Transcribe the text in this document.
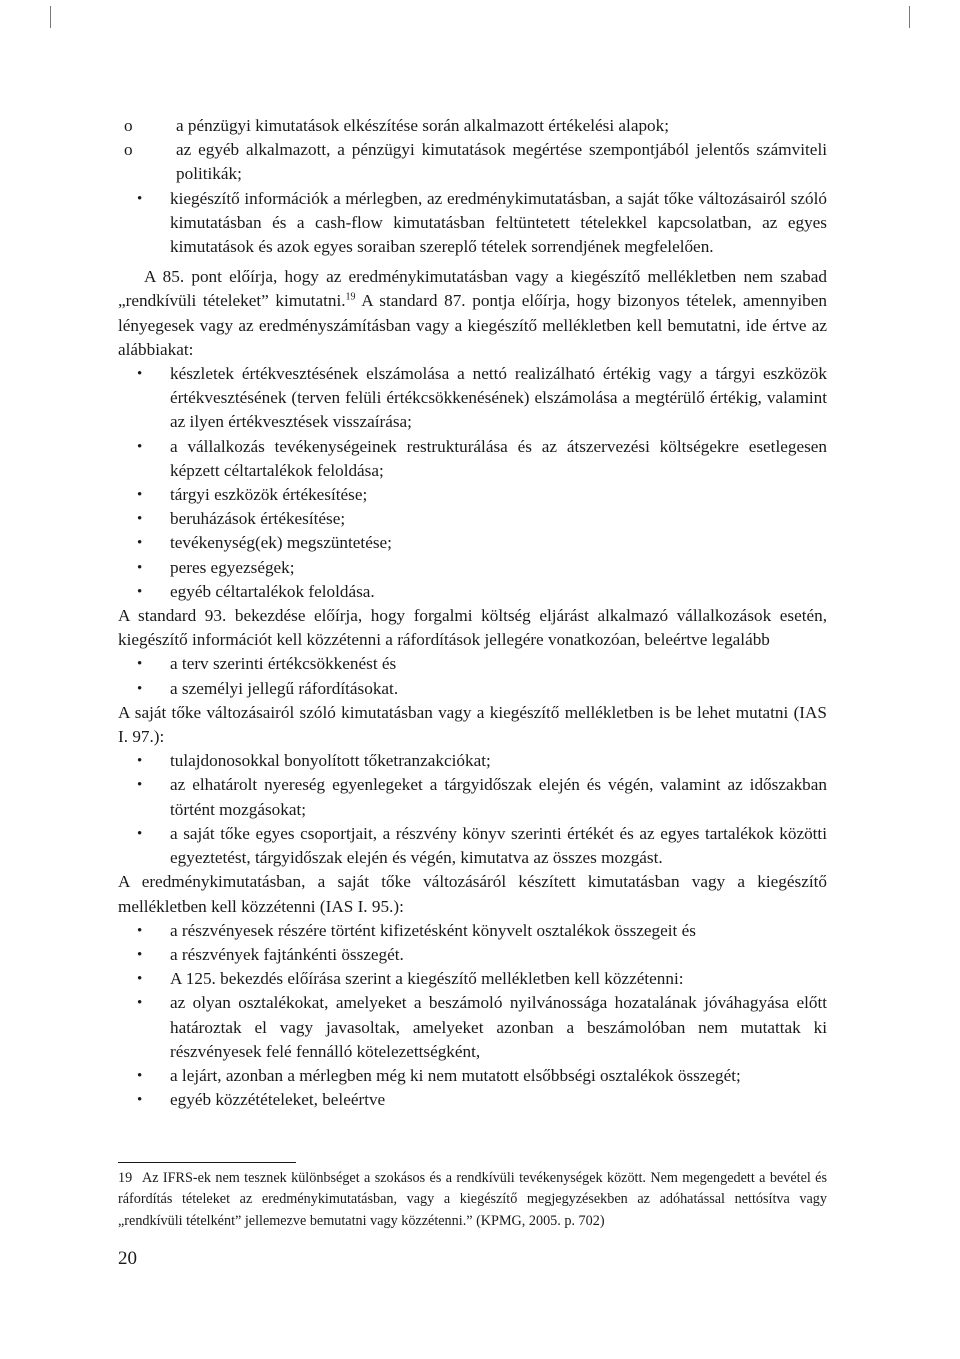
o	a pénzügyi kimutatások elkészítése során alkalmazott értékelési alapok;
o	az egyéb alkalmazott, a pénzügyi kimutatások megértése szempontjából jelentős számviteli politikák;
• kiegészítő információk a mérlegben, az eredménykimutatásban, a saját tőke változásairól szóló kimutatásban és a cash-flow kimutatásban feltüntetett tételekkel kapcsolatban, az egyes kimutatások és azok egyes soraiban szereplő tételek sorrendjének megfelelően.

A 85. pont előírja, hogy az eredménykimutatásban vagy a kiegészítő mellékletben nem szabad „rendkívüli tételeket” kimutatni.$^{19}$ A standard 87. pontja előírja, hogy bizonyos tételek, amennyiben lényegesek vagy az eredményszámításban vagy a kiegészítő mellékletben kell bemutatni, ide értve az alábbiakat:

• készletek értékvesztésének elszámolása a nettó realizálható értékig vagy a tárgyi eszközök értékvesztésének (terven felüli értékcsökkenésének) elszámolása a megtérülő értékig, valamint az ilyen értékvesztések visszaírása;
• a vállalkozás tevékenységeinek restrukturálása és az átszervezési költségekre esetlegesen képzett céltartalékok feloldása;
• tárgyi eszközök értékesítése;
• beruházások értékesítése;
• tevékenység(ek) megszüntetése;
• peres egyezségek;
• egyéb céltartalékok feloldása.

A standard 93. bekezdése előírja, hogy forgalmi költség eljárást alkalmazó vállalkozások esetén, kiegészítő információt kell közzétenni a ráfordítások jellegére vonatkozóan, beleértve legalább

• a terv szerinti értékcsökkenést és
• a személyi jellegű ráfordításokat.

A saját tőke változásairól szóló kimutatásban vagy a kiegészítő mellékletben is be lehet mutatni (IAS I. 97.):

• tulajdonosokkal bonyolított tőketranzakciókat;
• az elhatárolt nyereség egyenlegeket a tárgyidőszak elején és végén, valamint az időszakban történt mozgásokat;
• a saját tőke egyes csoportjait, a részvény könyv szerinti értékét és az egyes tartalékok közötti egyeztetést, tárgyidőszak elején és végén, kimutatva az összes mozgást.

A eredménykimutatásban, a saját tőke változásáról készített kimutatásban vagy a kiegészítő mellékletben kell közzétenni (IAS I. 95.):

• a részvényesek részére történt kifizetésként könyvelt osztalékok összegeit és
• a részvények fajtánkénti összegét.
• A 125. bekezdés előírása szerint a kiegészítő mellékletben kell közzétenni:
• az olyan osztalékokat, amelyeket a beszámoló nyilvánossága hozatalának jóváhagyása előtt határoztak el vagy javasoltak, amelyeket azonban a beszámolóban nem mutattak ki részvényesek felé fennálló kötelezettségként,
• a lejárt, azonban a mérlegben még ki nem mutatott elsőbbségi osztalékok összegét;
• egyéb közzétételeket, beleértve
19 Az IFRS-ek nem tesznek különbséget a szokásos és a rendkívüli tevékenységek között. Nem megengedett a bevétel és ráfordítás tételeket az eredménykimutatásban, vagy a kiegészítő megjegyzésekben az adóhatással nettósítva vagy „rendkívüli tételként” jellemezve bemutatni vagy közzétenni.” (KPMG, 2005. p. 702)
20
